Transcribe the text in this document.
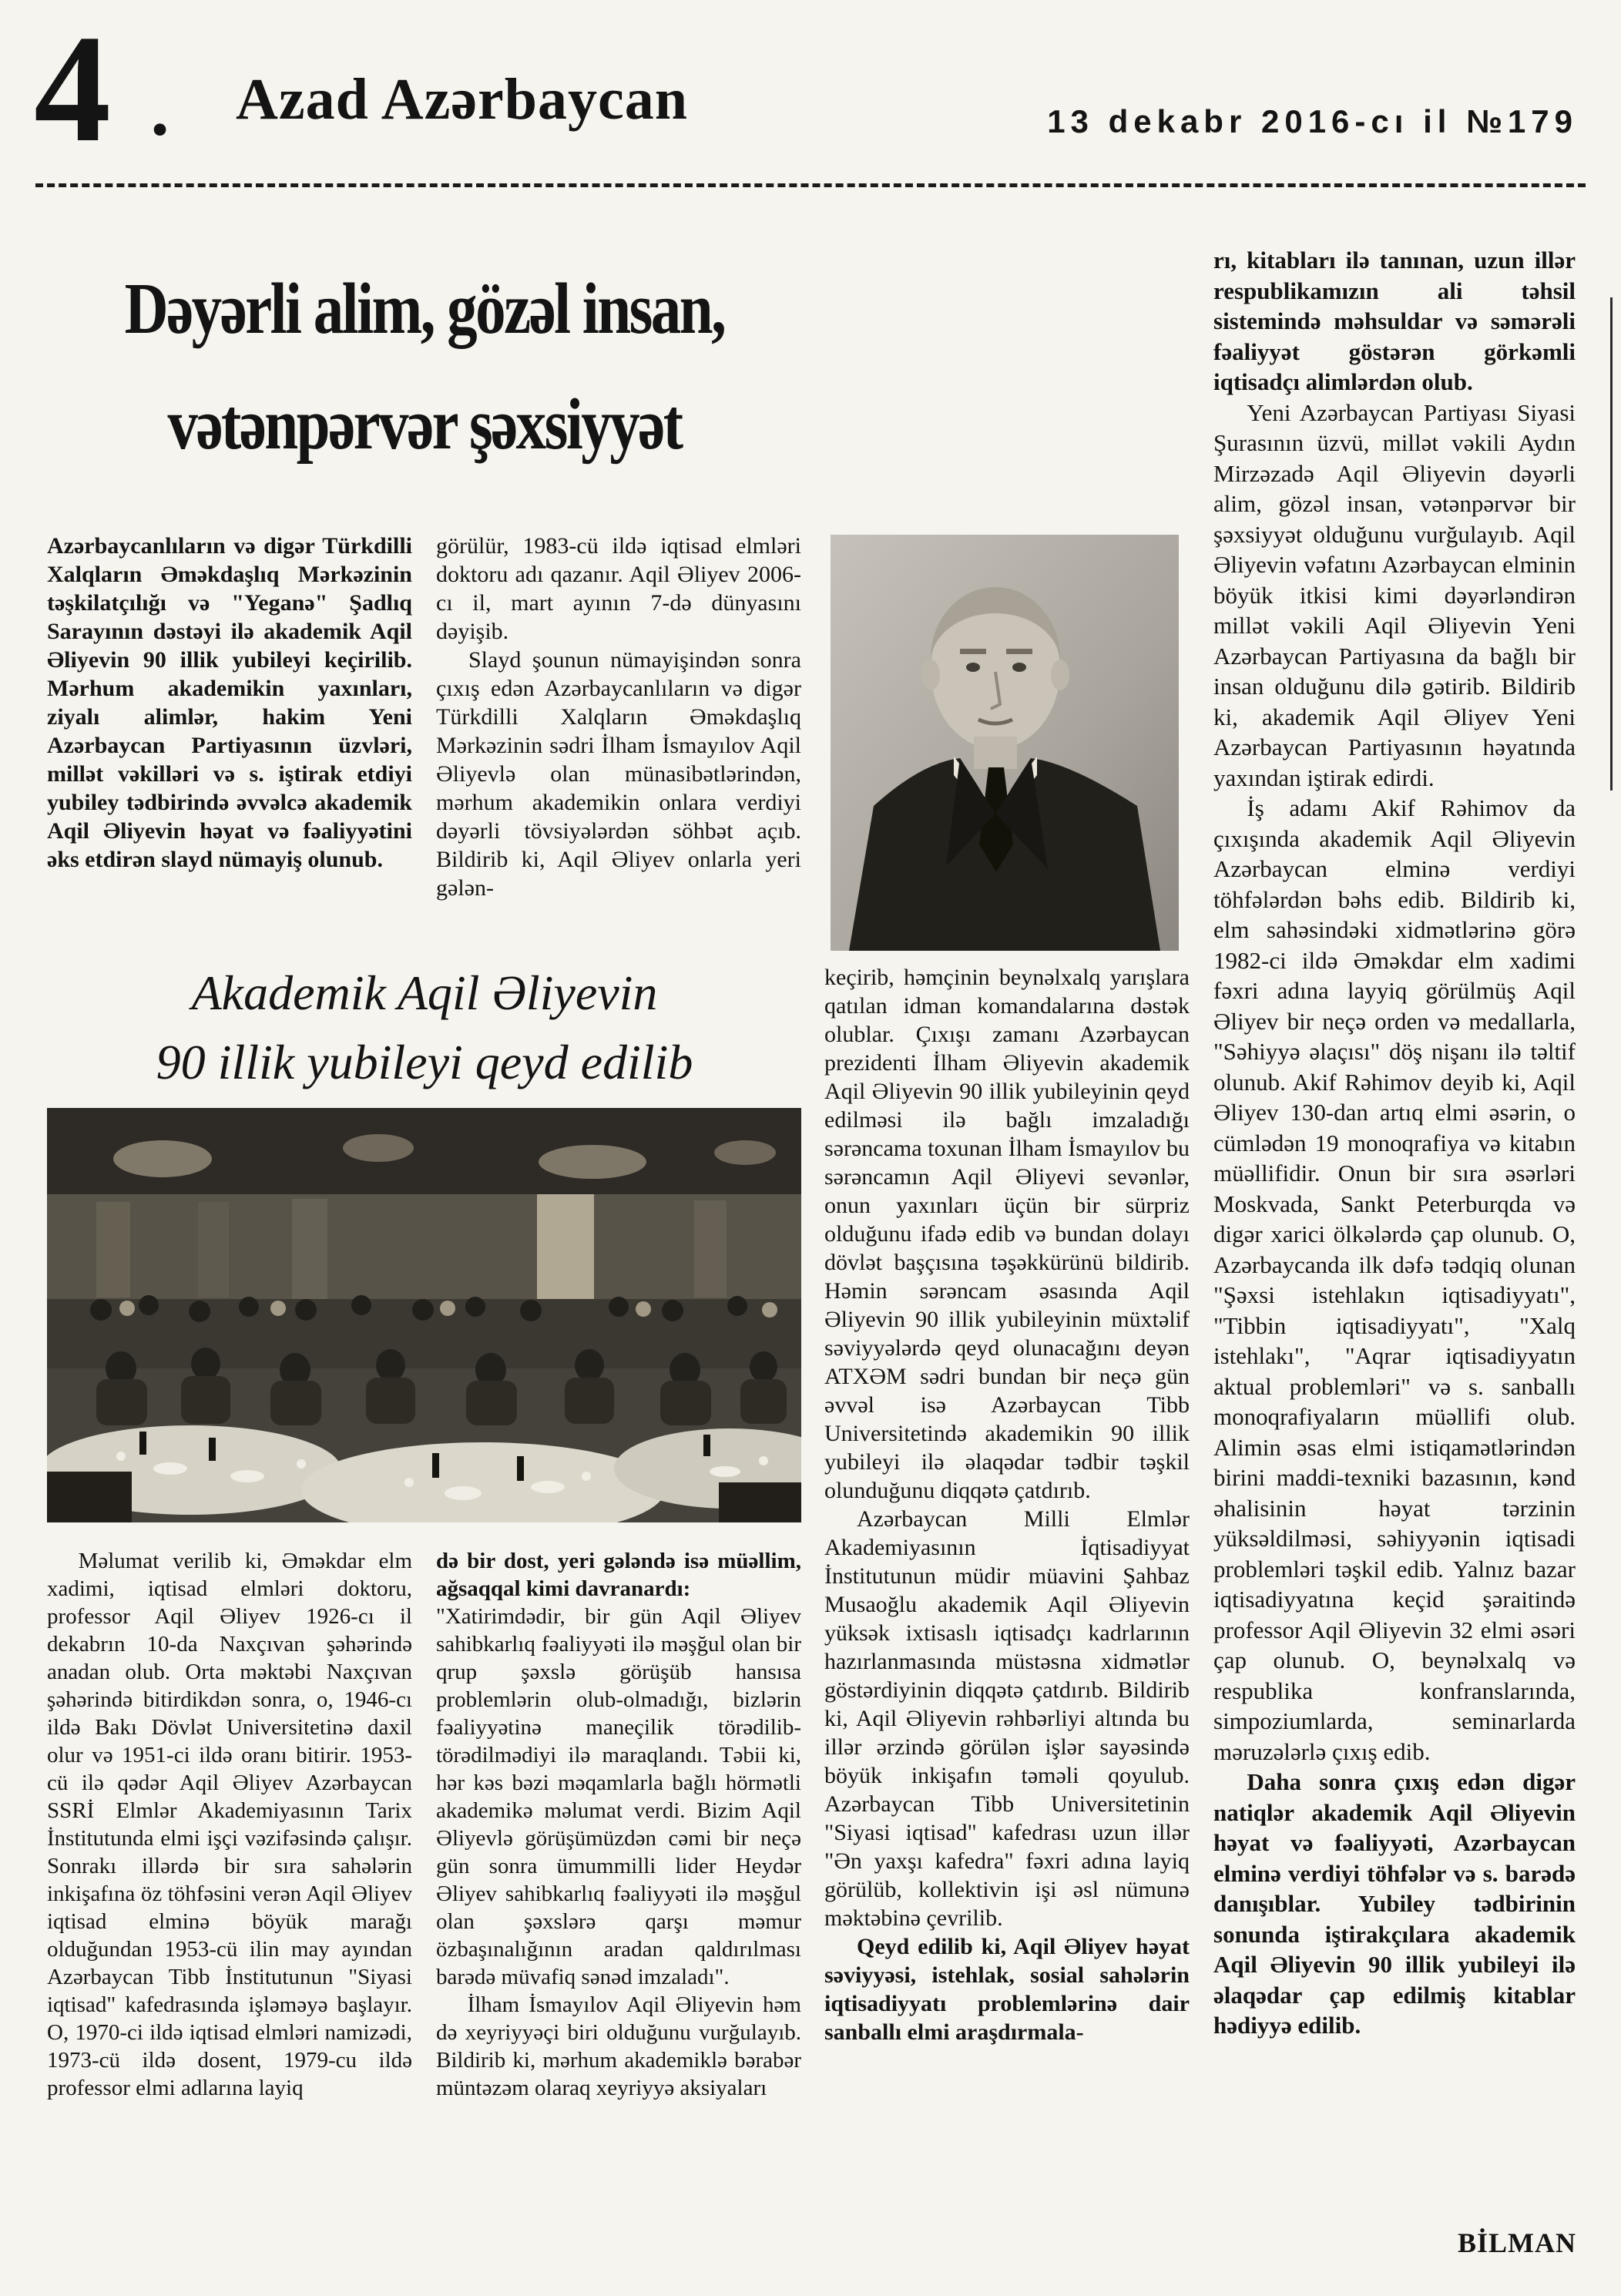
4 • Azad Azərbaycan	13 dekabr 2016-cı il №179
Dəyərli alim, gözəl insan,
vətənpərvər şəxsiyyət

Azərbaycanlıların və digər Türkdilli Xalqların Əməkdaşlıq Mərkəzinin təşkilatçılığı və "Yeganə" Şadlıq Sarayının dəstəyi ilə akademik Aqil Əliyevin 90 illik yubileyi keçirilib. Mərhum akademikin yaxınları, ziyalı alimlər, hakim Yeni Azərbaycan Partiyasının üzvləri, millət vəkilləri və s. iştirak etdiyi yubiley tədbirində əvvəlcə akademik Aqil Əliyevin həyat və fəaliyyətini əks etdirən slayd nümayiş olunub.

görülür, 1983-cü ildə iqtisad elmləri doktoru adı qazanır. Aqil Əliyev 2006-cı il, mart ayının 7-də dünyasını dəyişib.

Slayd şounun nümayişindən sonra çıxış edən Azərbaycanlıların və digər Türkdilli Xalqların Əməkdaşlıq Mərkəzinin sədri İlham İsmayılov Aqil Əliyevlə olan münasibətlərindən, mərhum akademikin onlara verdiyi dəyərli tövsiyələrdən söhbət açıb. Bildirib ki, Aqil Əliyev onlarla yeri gələn-

Akademik Aqil Əliyevin
90 illik yubileyi qeyd edilib

Məlumat verilib ki, Əməkdar elm xadimi, iqtisad elmləri doktoru, professor Aqil Əliyev 1926-cı il dekabrın 10-da Naxçıvan şəhərində anadan olub. Orta məktəbi Naxçıvan şəhərində bitirdikdən sonra, o, 1946-cı ildə Bakı Dövlət Universitetinə daxil olur və 1951-ci ildə oranı bitirir. 1953-cü ilə qədər Aqil Əliyev Azərbaycan SSRİ Elmlər Akademiyasının Tarix İnstitutunda elmi işçi vəzifəsində çalışır. Sonrakı illərdə bir sıra sahələrin inkişafına öz töhfəsini verən Aqil Əliyev iqtisad elminə böyük marağı olduğundan 1953-cü ilin may ayından Azərbaycan Tibb İnstitutunun "Siyasi iqtisad" kafedrasında işləməyə başlayır. O, 1970-ci ildə iqtisad elmləri namizədi, 1973-cü ildə dosent, 1979-cu ildə professor elmi adlarına layiq

də bir dost, yeri gələndə isə müəllim, ağsaqqal kimi davranardı:

"Xatirimdədir, bir gün Aqil Əliyev sahibkarlıq fəaliyyəti ilə məşğul olan bir qrup şəxslə görüşüb hansısa problemlərin olub-olmadığı, bizlərin fəaliyyətinə maneçilik törədilib-törədilmədiyi ilə maraqlandı. Təbii ki, hər kəs bəzi məqamlarla bağlı hörmətli akademikə məlumat verdi. Bizim Aqil Əliyevlə görüşümüzdən cəmi bir neçə gün sonra ümummilli lider Heydər Əliyev sahibkarlıq fəaliyyəti ilə məşğul olan şəxslərə qarşı məmur özbaşınalığının aradan qaldırılması barədə müvafiq sənəd imzaladı".

İlham İsmayılov Aqil Əliyevin həm də xeyriyyəçi biri olduğunu vurğulayıb. Bildirib ki, mərhum akademiklə bərabər müntəzəm olaraq xeyriyyə aksiyaları

keçirib, həmçinin beynəlxalq yarışlara qatılan idman komandalarına dəstək olublar. Çıxışı zamanı Azərbaycan prezidenti İlham Əliyevin akademik Aqil Əliyevin 90 illik yubileyinin qeyd edilməsi ilə bağlı imzaladığı sərəncama toxunan İlham İsmayılov bu sərəncamın Aqil Əliyevi sevənlər, onun yaxınları üçün bir sürpriz olduğunu ifadə edib və bundan dolayı dövlət başçısına təşəkkürünü bildirib. Həmin sərəncam əsasında Aqil Əliyevin 90 illik yubileyinin müxtəlif səviyyələrdə qeyd olunacağını deyən ATXƏM sədri bundan bir neçə gün əvvəl isə Azərbaycan Tibb Universitetində akademikin 90 illik yubileyi ilə əlaqədar tədbir təşkil olunduğunu diqqətə çatdırıb.

Azərbaycan Milli Elmlər Akademiyasının İqtisadiyyat İnstitutunun müdir müavini Şahbaz Musaoğlu akademik Aqil Əliyevin yüksək ixtisaslı iqtisadçı kadrlarının hazırlanmasında müstəsna xidmətlər göstərdiyinin diqqətə çatdırıb. Bildirib ki, Aqil Əliyevin rəhbərliyi altında bu illər ərzində görülən işlər sayəsində böyük inkişafın təməli qoyulub. Azərbaycan Tibb Universitetinin "Siyasi iqtisad" kafedrası uzun illər "Ən yaxşı kafedra" fəxri adına layiq görülüb, kollektivin işi əsl nümunə məktəbinə çevrilib.

Qeyd edilib ki, Aqil Əliyev həyat səviyyəsi, istehlak, sosial sahələrin iqtisadiyyatı problemlərinə dair sanballı elmi araşdırmala-

rı, kitabları ilə tanınan, uzun illər respublikamızın ali təhsil sistemində məhsuldar və səmərəli fəaliyyət göstərən görkəmli iqtisadçı alimlərdən olub.

Yeni Azərbaycan Partiyası Siyasi Şurasının üzvü, millət vəkili Aydın Mirzəzadə Aqil Əliyevin dəyərli alim, gözəl insan, vətənpərvər bir şəxsiyyət olduğunu vurğulayıb. Aqil Əliyevin vəfatını Azərbaycan elminin böyük itkisi kimi dəyərləndirən millət vəkili Aqil Əliyevin Yeni Azərbaycan Partiyasına da bağlı bir insan olduğunu dilə gətirib. Bildirib ki, akademik Aqil Əliyev Yeni Azərbaycan Partiyasının həyatında yaxından iştirak edirdi.

İş adamı Akif Rəhimov da çıxışında akademik Aqil Əliyevin Azərbaycan elminə verdiyi töhfələrdən bəhs edib. Bildirib ki, elm sahəsindəki xidmətlərinə görə 1982-ci ildə Əməkdar elm xadimi fəxri adına layyiq görülmüş Aqil Əliyev bir neçə orden və medallarla, "Səhiyyə əlaçısı" döş nişanı ilə təltif olunub. Akif Rəhimov deyib ki, Aqil Əliyev 130-dan artıq elmi əsərin, o cümlədən 19 monoqrafiya və kitabın müəllifidir. Onun bir sıra əsərləri Moskvada, Sankt Peterburqda və digər xarici ölkələrdə çap olunub. O, Azərbaycanda ilk dəfə tədqiq olunan "Şəxsi istehlakın iqtisadiyyatı", "Tibbin iqtisadiyyatı", "Xalq istehlakı", "Aqrar iqtisadiyyatın aktual problemləri" və s. sanballı monoqrafiyaların müəllifi olub. Alimin əsas elmi istiqamətlərindən birini maddi-texniki bazasının, kənd əhalisinin həyat tərzinin yüksəldilməsi, səhiyyənin iqtisadi problemləri təşkil edib. Yalnız bazar iqtisadiyyatına keçid şəraitində professor Aqil Əliyevin 32 elmi əsəri çap olunub. O, beynəlxalq və respublika konfranslarında, simpoziumlarda, seminarlarda məruzələrlə çıxış edib.

Daha sonra çıxış edən digər natiqlər akademik Aqil Əliyevin həyat və fəaliyyəti, Azərbaycan elminə verdiyi töhfələr və s. barədə danışıblar. Yubiley tədbirinin sonunda iştirakçılara akademik Aqil Əliyevin 90 illik yubileyi ilə əlaqədar çap edilmiş kitablar hədiyyə edilib.

BİLMAN
